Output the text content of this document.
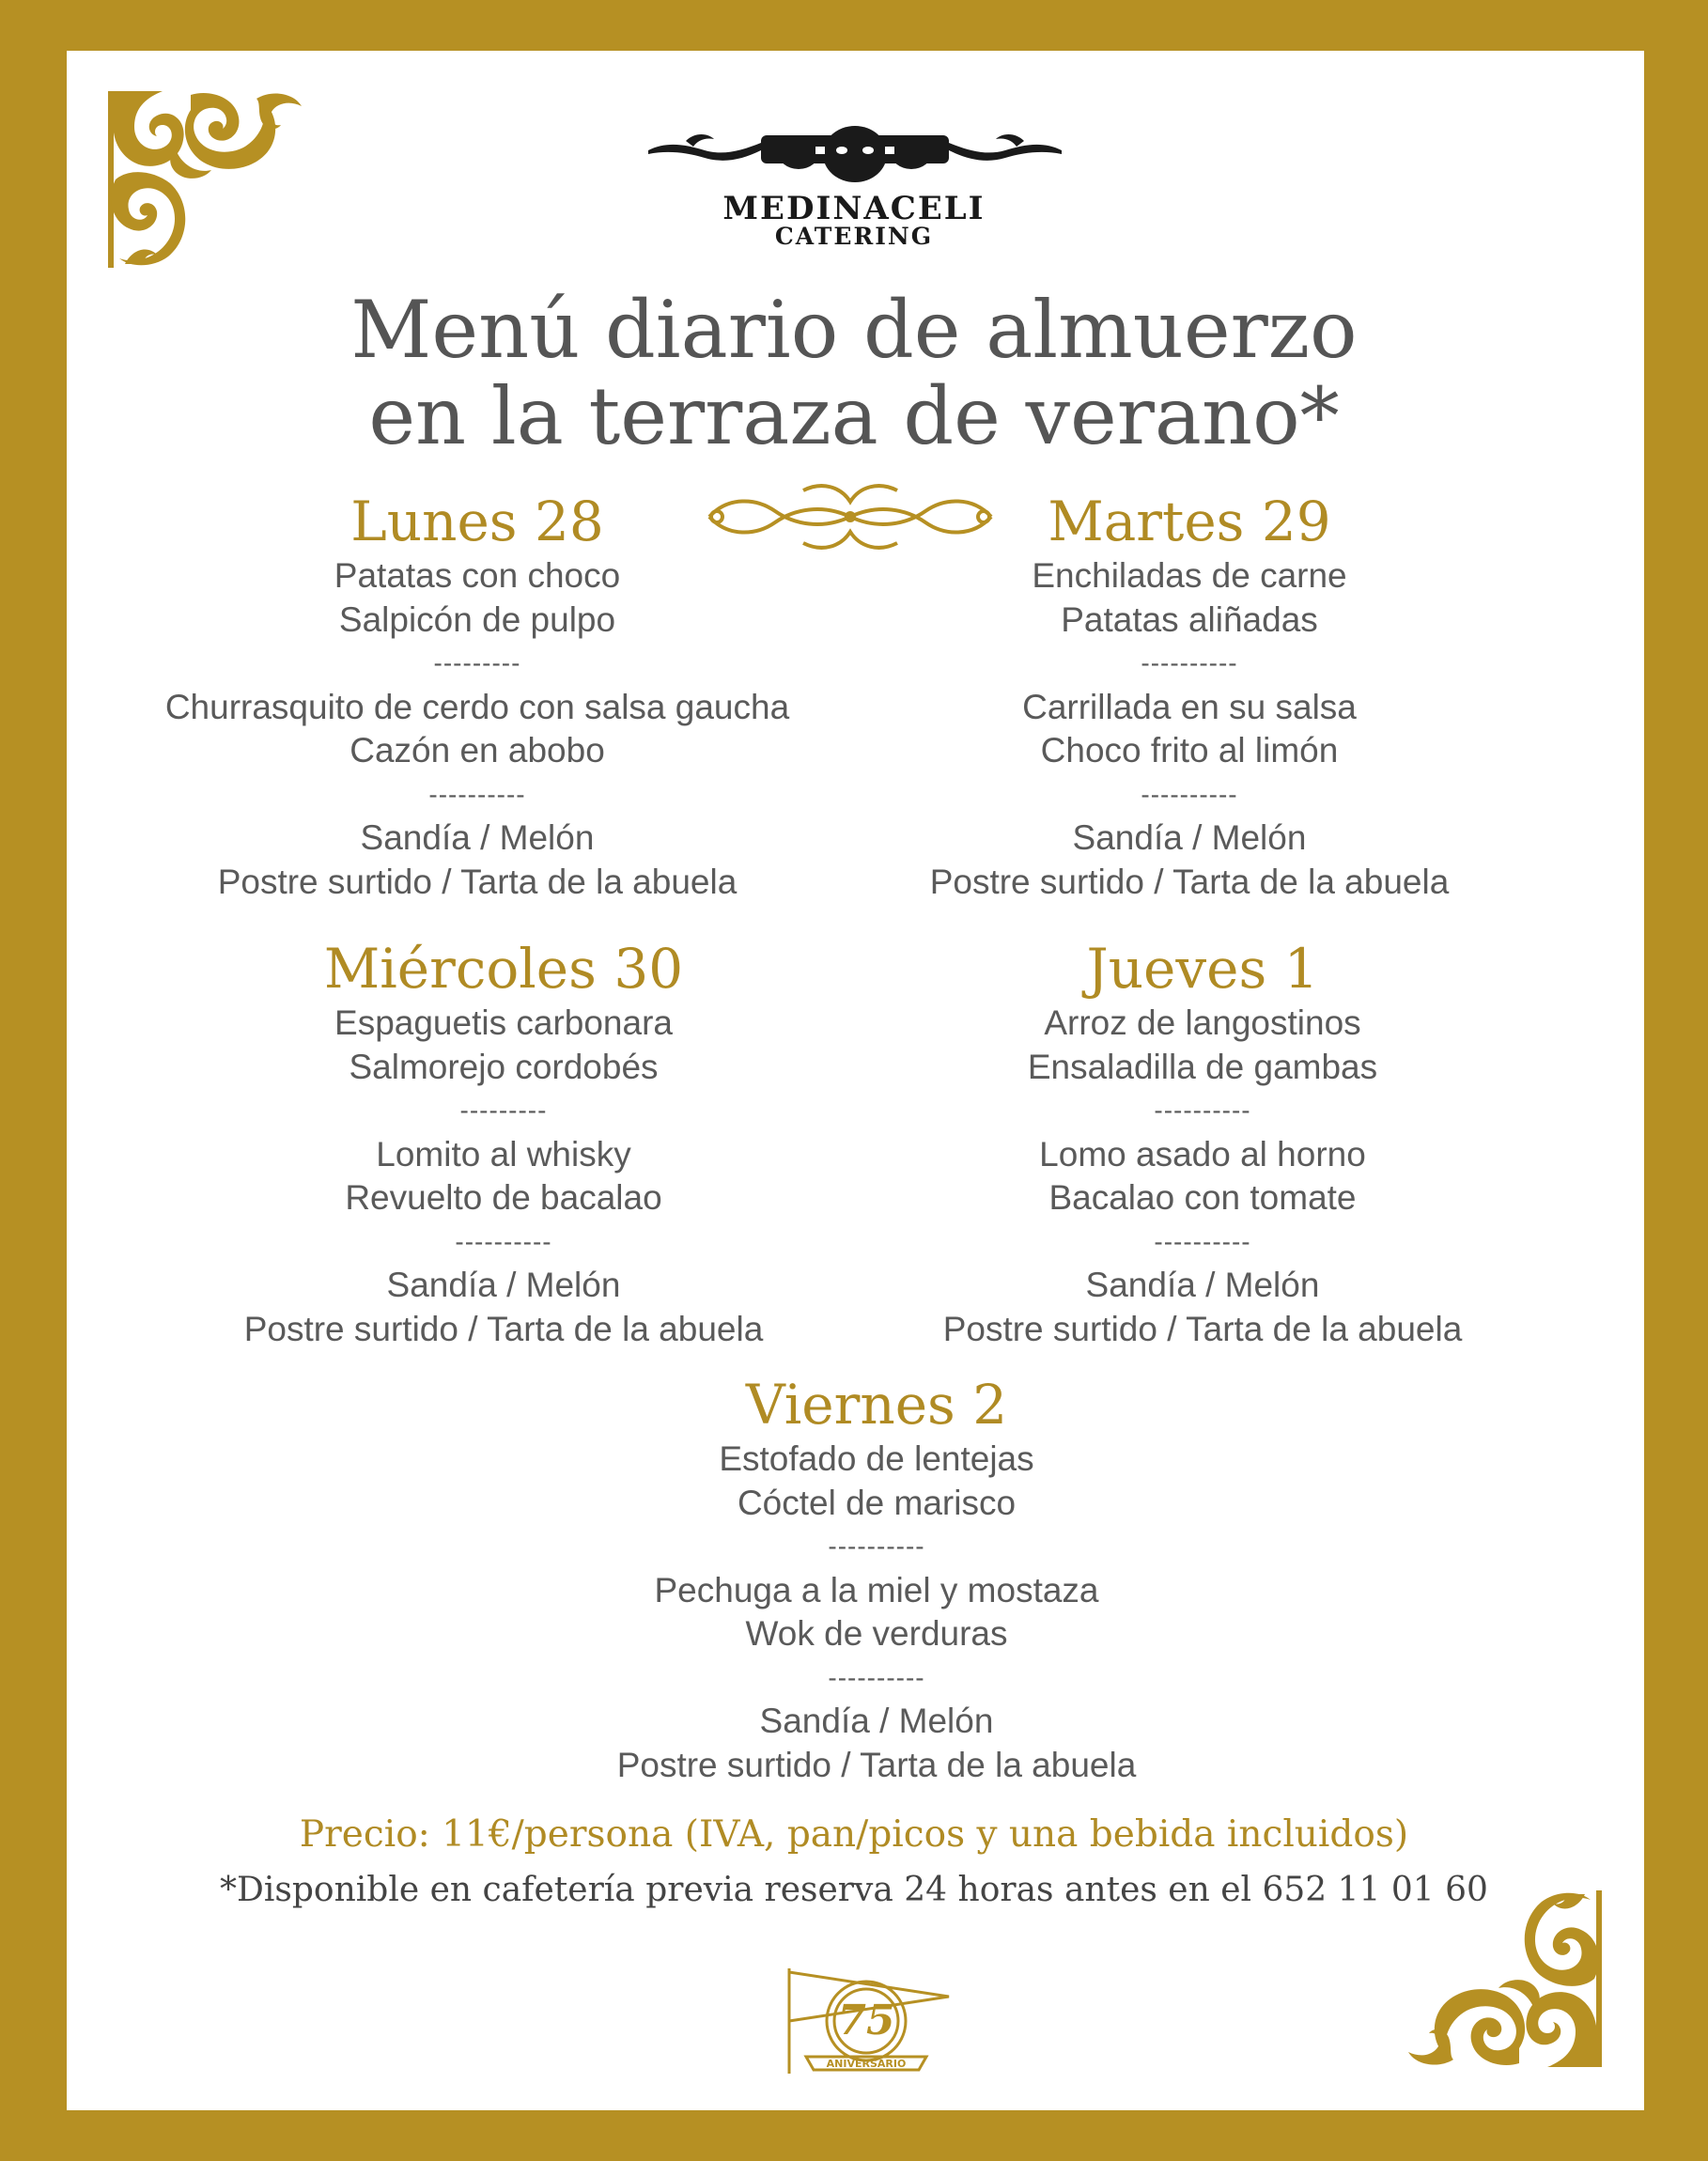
MEDINACELI
CATERING
Menú diario de almuerzo
en la terraza de verano*
Lunes 28
Patatas con choco
Salpicón de pulpo
---------
Churrasquito de cerdo con salsa gaucha
Cazón en abobo
----------
Sandía / Melón
Postre surtido / Tarta de la abuela
Martes 29
Enchiladas de carne
Patatas aliñadas
----------
Carrillada en su salsa
Choco frito al limón
----------
Sandía / Melón
Postre surtido / Tarta de la abuela
Miércoles 30
Espaguetis carbonara
Salmorejo cordobés
---------
Lomito al whisky
Revuelto de bacalao
----------
Sandía / Melón
Postre surtido / Tarta de la abuela
Jueves 1
Arroz de langostinos
Ensaladilla de gambas
----------
Lomo asado al horno
Bacalao con tomate
----------
Sandía / Melón
Postre surtido / Tarta de la abuela
Viernes 2
Estofado de lentejas
Cóctel de marisco
----------
Pechuga a la miel y mostaza
Wok de verduras
----------
Sandía / Melón
Postre surtido / Tarta de la abuela
Precio: 11€/persona (IVA, pan/picos y una bebida incluidos)
*Disponible en cafetería previa reserva 24 horas antes en el 652 11 01 60
75
ANIVERSARIO
